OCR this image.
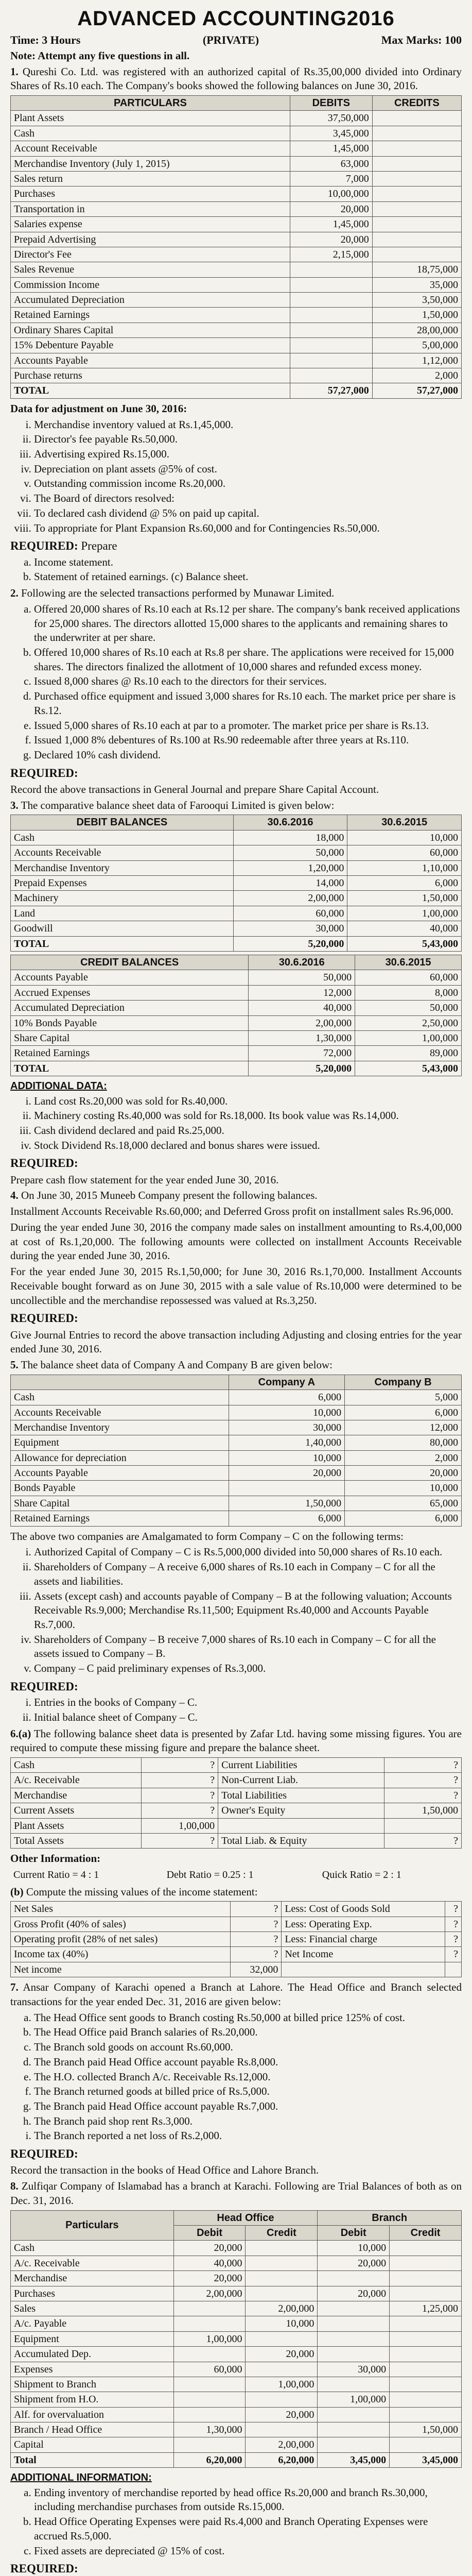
ADVANCED ACCOUNTING2016
Time: 3 Hours	(PRIVATE)	Max Marks: 100

Note: Attempt any five questions in all.

1. Qureshi Co. Ltd. was registered with an authorized capital of Rs.35,00,000 divided into Ordinary Shares of Rs.10 each. The Company's books showed the following balances on June 30, 2016.

PARTICULARS	DEBITS	CREDITS
Plant Assets	37,50,000	
Cash	3,45,000	
Account Receivable	1,45,000	
Merchandise Inventory (July 1, 2015)	63,000	
Sales return	7,000	
Purchases	10,00,000	
Transportation in	20,000	
Salaries expense	1,45,000	
Prepaid Advertising	20,000	
Director's Fee	2,15,000	
Sales Revenue		18,75,000
Commission Income		35,000
Accumulated Depreciation		3,50,000
Retained Earnings		1,50,000
Ordinary Shares Capital		28,00,000
15% Debenture Payable		5,00,000
Accounts Payable		1,12,000
Purchase returns		2,000
TOTAL	57,27,000	57,27,000

Data for adjustment on June 30, 2016:

i. Merchandise inventory valued at Rs.1,45,000.
ii. Director's fee payable Rs.50,000.
iii. Advertising expired Rs.15,000.
iv. Depreciation on plant assets @5% of cost.
v. Outstanding commission income Rs.20,000.
vi. The Board of directors resolved:
vii. To declared cash dividend @ 5% on paid up capital.
viii. To appropriate for Plant Expansion Rs.60,000 and for Contingencies Rs.50,000.
REQUIRED: Prepare
a. Income statement.
b. Statement of retained earnings. (c) Balance sheet.

2. Following are the selected transactions performed by Munawar Limited.

a. Offered 20,000 shares of Rs.10 each at Rs.12 per share. The company's bank received applications for 25,000 shares. The directors allotted 15,000 shares to the applicants and remaining shares to the underwriter at per share.
b. Offered 10,000 shares of Rs.10 each at Rs.8 per share. The applications were received for 15,000 shares. The directors finalized the allotment of 10,000 shares and refunded excess money.
c. Issued 8,000 shares @ Rs.10 each to the directors for their services.
d. Purchased office equipment and issued 3,000 shares for Rs.10 each. The market price per share is Rs.12.
e. Issued 5,000 shares of Rs.10 each at par to a promoter. The market price per share is Rs.13.
f. Issued 1,000 8% debentures of Rs.100 at Rs.90 redeemable after three years at Rs.110.
g. Declared 10% cash dividend.
REQUIRED:

Record the above transactions in General Journal and prepare Share Capital Account.

3. The comparative balance sheet data of Farooqui Limited is given below:

DEBIT BALANCES	30.6.2016	30.6.2015
Cash	18,000	10,000
Accounts Receivable	50,000	60,000
Merchandise Inventory	1,20,000	1,10,000
Prepaid Expenses	14,000	6,000
Machinery	2,00,000	1,50,000
Land	60,000	1,00,000
Goodwill	30,000	40,000
TOTAL	5,20,000	5,43,000
CREDIT BALANCES	30.6.2016	30.6.2015
Accounts Payable	50,000	60,000
Accrued Expenses	12,000	8,000
Accumulated Depreciation	40,000	50,000
10% Bonds Payable	2,00,000	2,50,000
Share Capital	1,30,000	1,00,000
Retained Earnings	72,000	89,000
TOTAL	5,20,000	5,43,000
ADDITIONAL DATA:
i. Land cost Rs.20,000 was sold for Rs.40,000.
ii. Machinery costing Rs.40,000 was sold for Rs.18,000. Its book value was Rs.14,000.
iii. Cash dividend declared and paid Rs.25,000.
iv. Stock Dividend Rs.18,000 declared and bonus shares were issued.
REQUIRED:

Prepare cash flow statement for the year ended June 30, 2016.

4. On June 30, 2015 Muneeb Company present the following balances.

Installment Accounts Receivable Rs.60,000; and Deferred Gross profit on installment sales Rs.96,000.

During the year ended June 30, 2016 the company made sales on installment amounting to Rs.4,00,000 at cost of Rs.1,20,000. The following amounts were collected on installment Accounts Receivable during the year ended June 30, 2016.

For the year ended June 30, 2015 Rs.1,50,000; for June 30, 2016 Rs.1,70,000. Installment Accounts Receivable bought forward as on June 30, 2015 with a sale value of Rs.10,000 were determined to be uncollectible and the merchandise repossessed was valued at Rs.3,250.

REQUIRED:

Give Journal Entries to record the above transaction including Adjusting and closing entries for the year ended June 30, 2016.

5. The balance sheet data of Company A and Company B are given below:

	Company A	Company B
Cash	6,000	5,000
Accounts Receivable	10,000	6,000
Merchandise Inventory	30,000	12,000
Equipment	1,40,000	80,000
Allowance for depreciation	10,000	2,000
Accounts Payable	20,000	20,000
Bonds Payable		10,000
Share Capital	1,50,000	65,000
Retained Earnings	6,000	6,000

The above two companies are Amalgamated to form Company – C on the following terms:

i. Authorized Capital of Company – C is Rs.5,000,000 divided into 50,000 shares of Rs.10 each.
ii. Shareholders of Company – A receive 6,000 shares of Rs.10 each in Company – C for all the assets and liabilities.
iii. Assets (except cash) and accounts payable of Company – B at the following valuation; Accounts Receivable Rs.9,000; Merchandise Rs.11,500; Equipment Rs.40,000 and Accounts Payable Rs.7,000.
iv. Shareholders of Company – B receive 7,000 shares of Rs.10 each in Company – C for all the assets issued to Company – B.
v. Company – C paid preliminary expenses of Rs.3,000.
REQUIRED:
i. Entries in the books of Company – C.
ii. Initial balance sheet of Company – C.

6.(a) The following balance sheet data is presented by Zafar Ltd. having some missing figures. You are required to compute these missing figure and prepare the balance sheet.

Cash	?	Current Liabilities	?
A/c. Receivable	?	Non-Current Liab.	?
Merchandise	?	Total Liabilities	?
Current Assets	?	Owner's Equity	1,50,000
Plant Assets	1,00,000		
Total Assets	?	Total Liab. & Equity	?

Other Information:

Current Ratio = 4 : 1	Debt Ratio = 0.25 : 1	Quick Ratio = 2 : 1

(b) Compute the missing values of the income statement:

Net Sales	?	Less: Cost of Goods Sold	?
Gross Profit (40% of sales)	?	Less: Operating Exp.	?
Operating profit (28% of net sales)	?	Less: Financial charge	?
Income tax (40%)	?	Net Income	?
Net income	32,000		

7. Ansar Company of Karachi opened a Branch at Lahore. The Head Office and Branch selected transactions for the year ended Dec. 31, 2016 are given below:

a. The Head Office sent goods to Branch costing Rs.50,000 at billed price 125% of cost.
b. The Head Office paid Branch salaries of Rs.20,000.
c. The Branch sold goods on account Rs.60,000.
d. The Branch paid Head Office account payable Rs.8,000.
e. The H.O. collected Branch A/c. Receivable Rs.12,000.
f. The Branch returned goods at billed price of Rs.5,000.
g. The Branch paid Head Office account payable Rs.7,000.
h. The Branch paid shop rent Rs.3,000.
i. The Branch reported a net loss of Rs.2,000.
REQUIRED:

Record the transaction in the books of Head Office and Lahore Branch.

8. Zulfiqar Company of Islamabad has a branch at Karachi. Following are Trial Balances of both as on Dec. 31, 2016.

Particulars	Head Office		Branch	
	Debit	Credit	Debit	Credit
Cash	20,000		10,000	
A/c. Receivable	40,000		20,000	
Merchandise	20,000			
Purchases	2,00,000		20,000	
Sales		2,00,000		1,25,000
A/c. Payable		10,000		
Equipment	1,00,000			
Accumulated Dep.		20,000		
Expenses	60,000		30,000	
Shipment to Branch		1,00,000		
Shipment from H.O.			1,00,000	
Alf. for overvaluation		20,000		
Branch / Head Office	1,30,000			1,50,000
Capital		2,00,000		
Total	6,20,000	6,20,000	3,45,000	3,45,000
ADDITIONAL INFORMATION:
a. Ending inventory of merchandise reported by head office Rs.20,000 and branch Rs.30,000, including merchandise purchases from outside Rs.15,000.
b. Head Office Operating Expenses were paid Rs.4,000 and Branch Operating Expenses were accrued Rs.5,000.
c. Fixed assets are depreciated @ 15% of cost.
REQUIRED:
